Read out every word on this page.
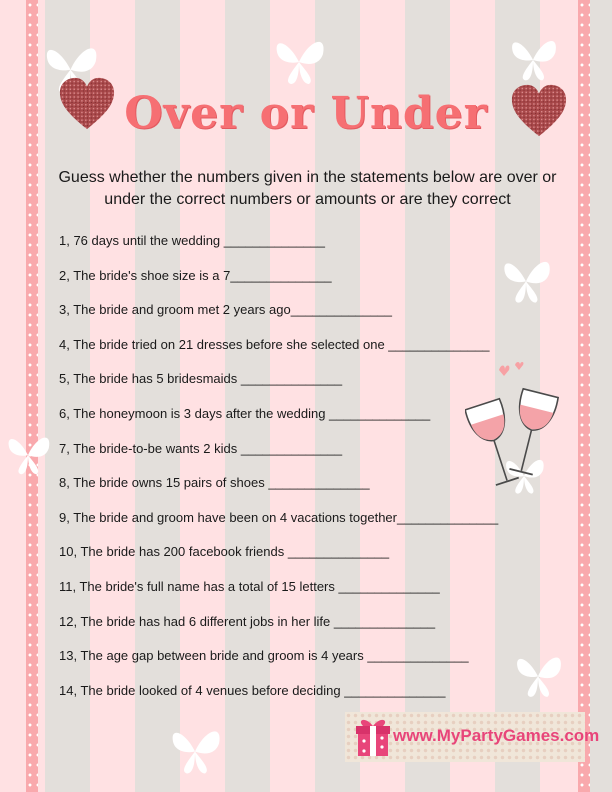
Over or Under

Guess whether the numbers given in the statements below are over or under the correct numbers or amounts or are they correct

1, 76 days until the wedding ______________
2, The bride's shoe size is a 7______________
3, The bride and groom met 2 years ago______________
4, The bride tried on 21 dresses before she selected one ______________
5, The bride has 5 bridesmaids ______________
6, The honeymoon is 3 days after the wedding ______________
7, The bride-to-be wants 2 kids ______________
8, The bride owns 15 pairs of shoes ______________
9, The bride and groom have been on 4 vacations together______________
10, The bride has 200 facebook friends ______________
11, The bride's full name has a total of 15 letters ______________
12, The bride has had 6 different jobs in her life ______________
13, The age gap between bride and groom is 4 years ______________
14, The bride looked of 4 venues before deciding ______________
www.MyPartyGames.com
